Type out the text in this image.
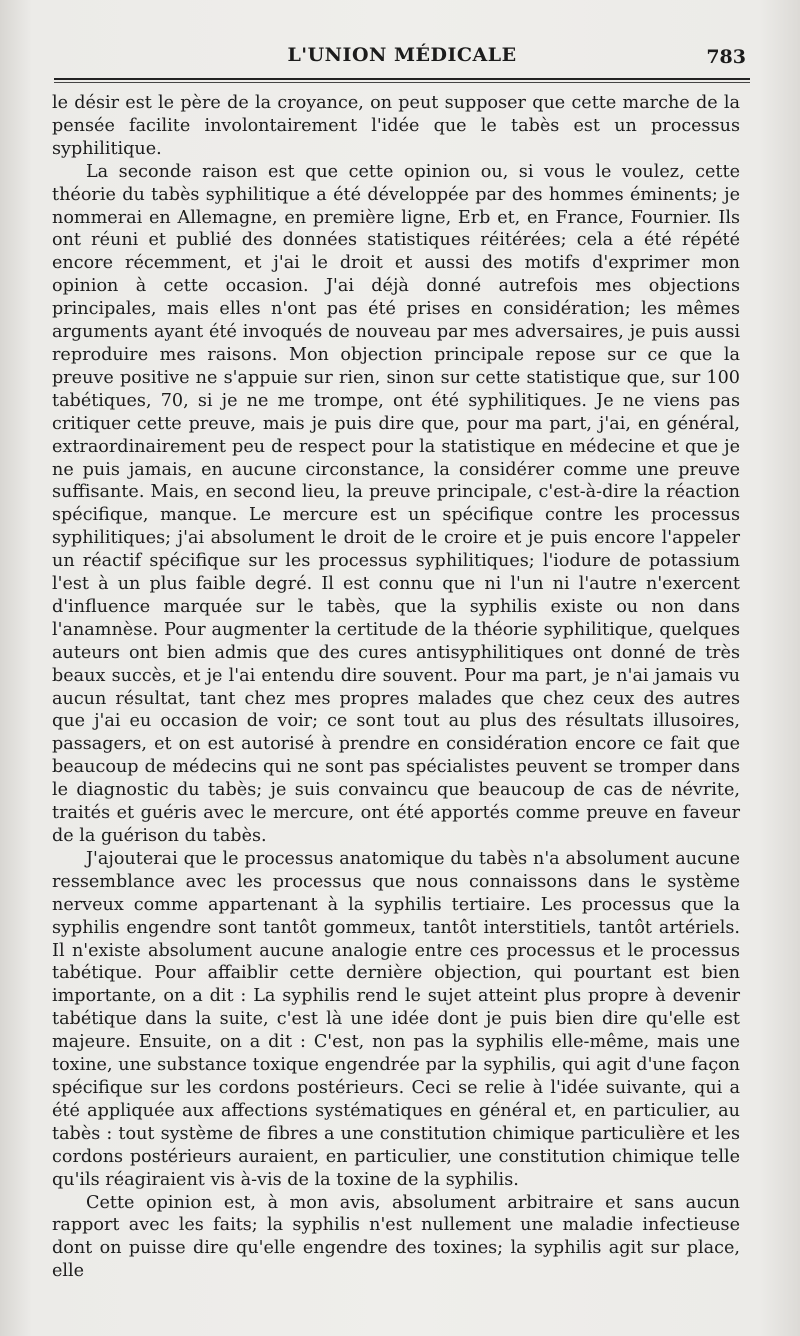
L'UNION MÉDICALE	783

le désir est le père de la croyance, on peut supposer que cette marche de la pensée facilite involontairement l'idée que le tabès est un processus syphilitique.

La seconde raison est que cette opinion ou, si vous le voulez, cette théorie du tabès syphilitique a été développée par des hommes éminents; je nommerai en Allemagne, en première ligne, Erb et, en France, Fournier. Ils ont réuni et publié des données statistiques réitérées; cela a été répété encore récemment, et j'ai le droit et aussi des motifs d'exprimer mon opinion à cette occasion. J'ai déjà donné autrefois mes objections principales, mais elles n'ont pas été prises en considération; les mêmes arguments ayant été invoqués de nouveau par mes adversaires, je puis aussi reproduire mes raisons. Mon objection principale repose sur ce que la preuve positive ne s'appuie sur rien, sinon sur cette statistique que, sur 100 tabétiques, 70, si je ne me trompe, ont été syphilitiques. Je ne viens pas critiquer cette preuve, mais je puis dire que, pour ma part, j'ai, en général, extraordinairement peu de respect pour la statistique en médecine et que je ne puis jamais, en aucune circonstance, la considérer comme une preuve suffisante. Mais, en second lieu, la preuve principale, c'est-à-dire la réaction spécifique, manque. Le mercure est un spécifique contre les processus syphilitiques; j'ai absolument le droit de le croire et je puis encore l'appeler un réactif spécifique sur les processus syphilitiques; l'iodure de potassium l'est à un plus faible degré. Il est connu que ni l'un ni l'autre n'exercent d'influence marquée sur le tabès, que la syphilis existe ou non dans l'anamnèse. Pour augmenter la certitude de la théorie syphilitique, quelques auteurs ont bien admis que des cures antisyphilitiques ont donné de très beaux succès, et je l'ai entendu dire souvent. Pour ma part, je n'ai jamais vu aucun résultat, tant chez mes propres malades que chez ceux des autres que j'ai eu occasion de voir; ce sont tout au plus des résultats illusoires, passagers, et on est autorisé à prendre en considération encore ce fait que beaucoup de médecins qui ne sont pas spécialistes peuvent se tromper dans le diagnostic du tabès; je suis convaincu que beaucoup de cas de névrite, traités et guéris avec le mercure, ont été apportés comme preuve en faveur de la guérison du tabès.

J'ajouterai que le processus anatomique du tabès n'a absolument aucune ressemblance avec les processus que nous connaissons dans le système nerveux comme appartenant à la syphilis tertiaire. Les processus que la syphilis engendre sont tantôt gommeux, tantôt interstitiels, tantôt artériels. Il n'existe absolument aucune analogie entre ces processus et le processus tabétique. Pour affaiblir cette dernière objection, qui pourtant est bien importante, on a dit : La syphilis rend le sujet atteint plus propre à devenir tabétique dans la suite, c'est là une idée dont je puis bien dire qu'elle est majeure. Ensuite, on a dit : C'est, non pas la syphilis elle-même, mais une toxine, une substance toxique engendrée par la syphilis, qui agit d'une façon spécifique sur les cordons postérieurs. Ceci se relie à l'idée suivante, qui a été appliquée aux affections systématiques en général et, en particulier, au tabès : tout système de fibres a une constitution chimique particulière et les cordons postérieurs auraient, en particulier, une constitution chimique telle qu'ils réagiraient vis à-vis de la toxine de la syphilis.

Cette opinion est, à mon avis, absolument arbitraire et sans aucun rapport avec les faits; la syphilis n'est nullement une maladie infectieuse dont on puisse dire qu'elle engendre des toxines; la syphilis agit sur place, elle
